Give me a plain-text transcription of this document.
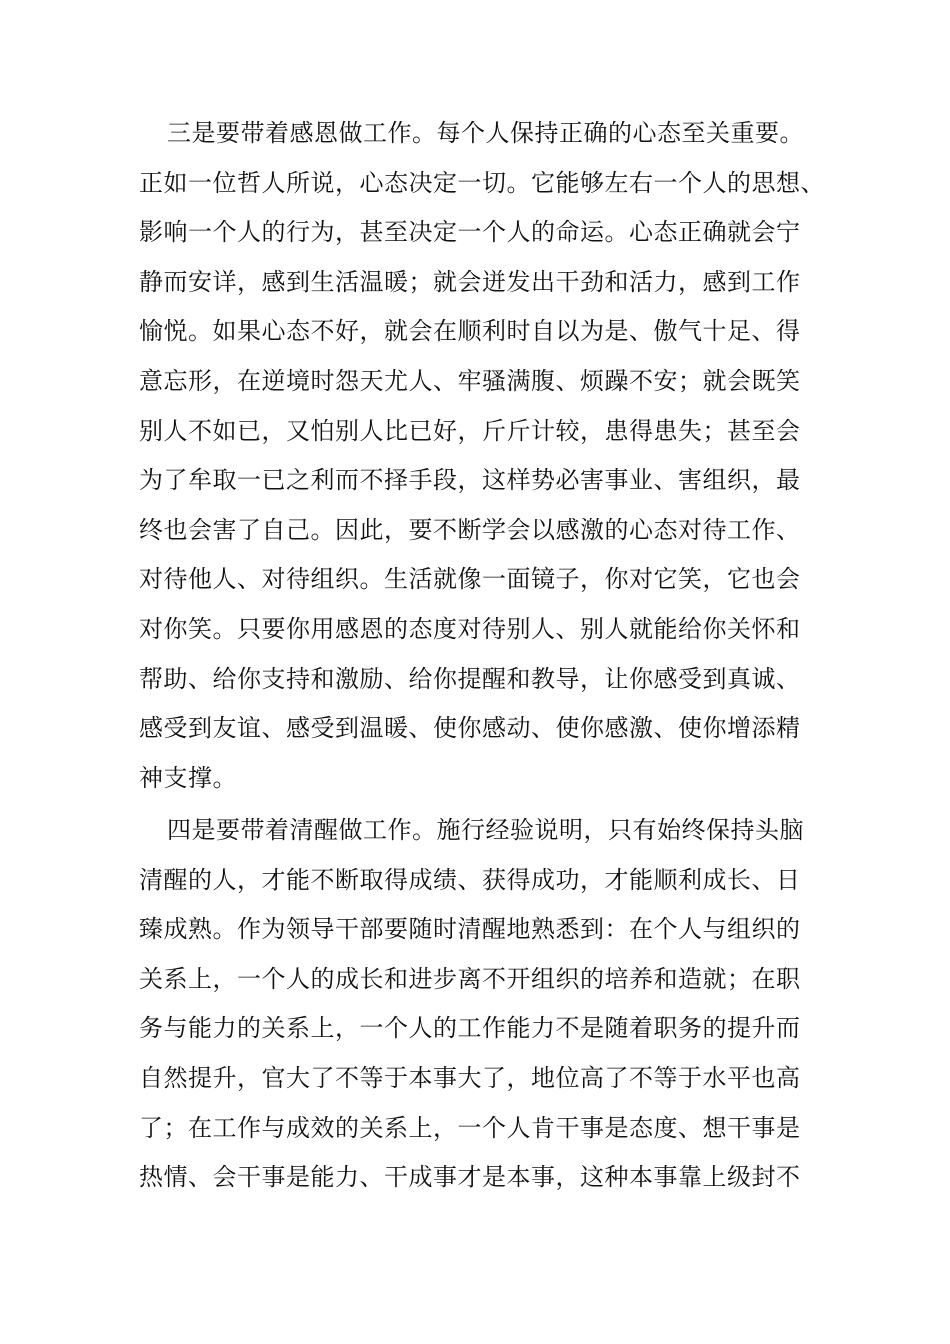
三是要带着感恩做工作。每个人保持正确的心态至关重要。
正如一位哲人所说，心态决定一切。它能够左右一个人的思想、
影响一个人的行为，甚至决定一个人的命运。心态正确就会宁
静而安详，感到生活温暖；就会迸发出干劲和活力，感到工作
愉悦。如果心态不好，就会在顺利时自以为是、傲气十足、得
意忘形，在逆境时怨天尤人、牢骚满腹、烦躁不安；就会既笑
别人不如已，又怕别人比已好，斤斤计较，患得患失；甚至会
为了牟取一已之利而不择手段，这样势必害事业、害组织，最
终也会害了自己。因此，要不断学会以感激的心态对待工作、
对待他人、对待组织。生活就像一面镜子，你对它笑，它也会
对你笑。只要你用感恩的态度对待别人、别人就能给你关怀和
帮助、给你支持和激励、给你提醒和教导，让你感受到真诚、
感受到友谊、感受到温暖、使你感动、使你感激、使你增添精
神支撑。
四是要带着清醒做工作。施行经验说明，只有始终保持头脑
清醒的人，才能不断取得成绩、获得成功，才能顺利成长、日
臻成熟。作为领导干部要随时清醒地熟悉到：在个人与组织的
关系上，一个人的成长和进步离不开组织的培养和造就；在职
务与能力的关系上，一个人的工作能力不是随着职务的提升而
自然提升，官大了不等于本事大了，地位高了不等于水平也高
了；在工作与成效的关系上，一个人肯干事是态度、想干事是
热情、会干事是能力、干成事才是本事，这种本事靠上级封不
